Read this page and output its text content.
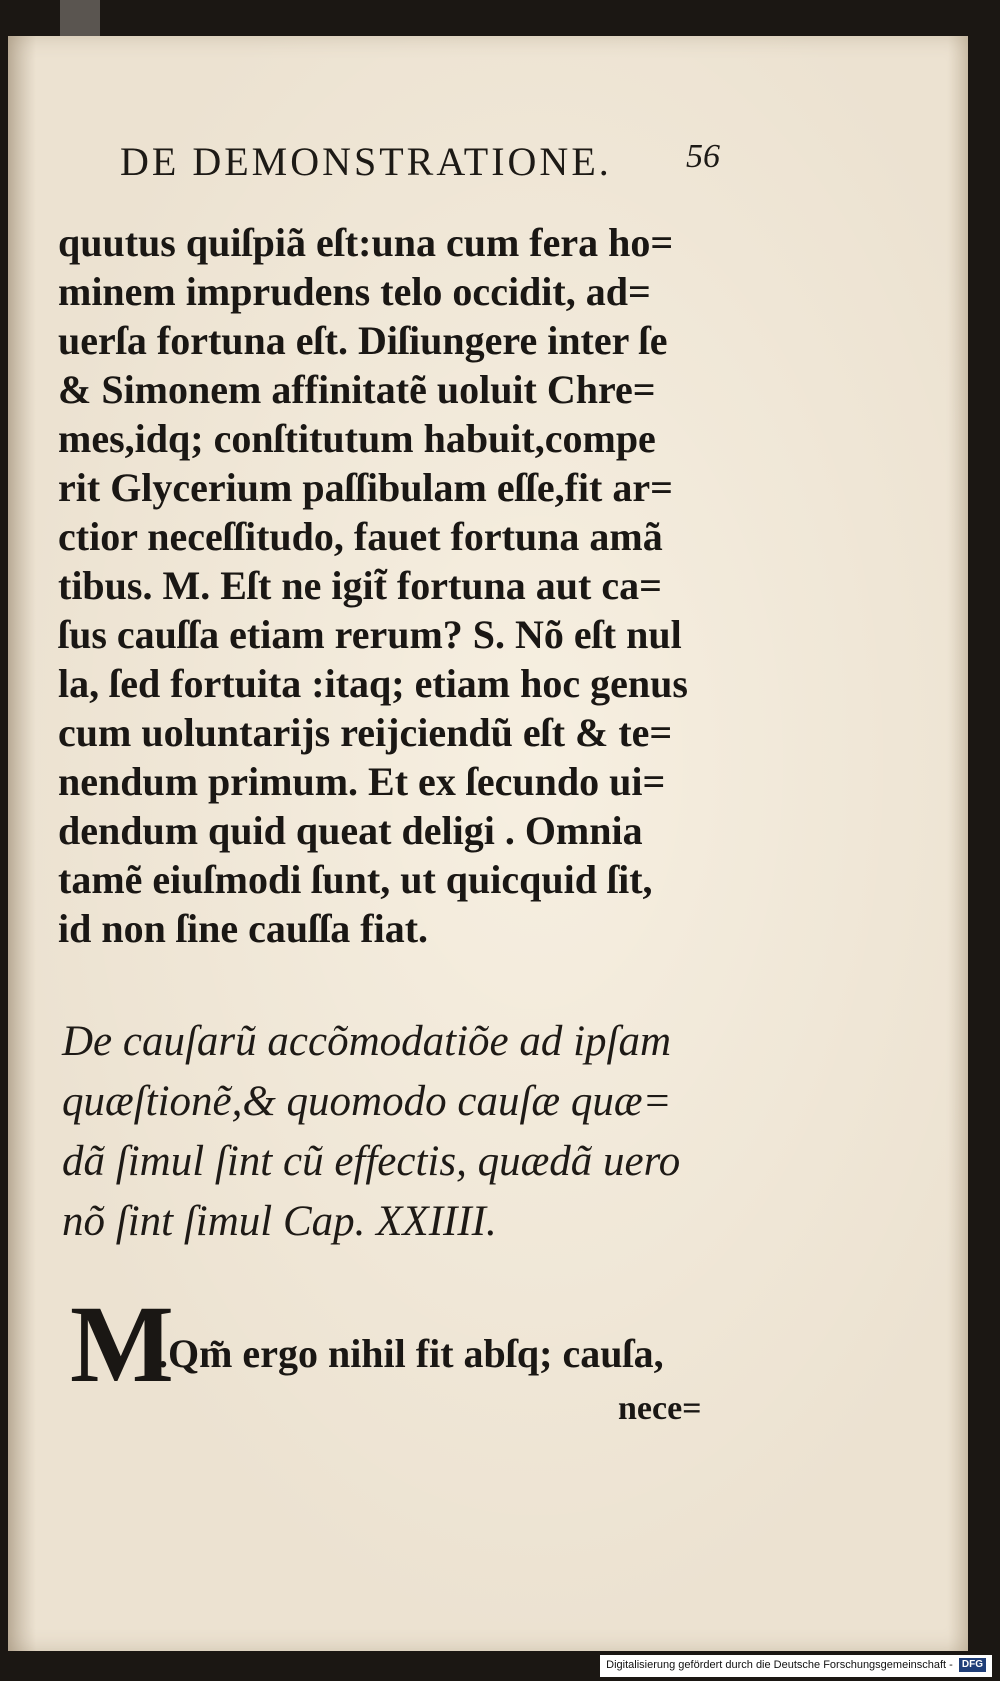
DE DEMONSTRATIONE. 56
quutus quiſpiã eſt:una cum fera ho=
minem imprudens telo occidit, ad=
uerſa fortuna eſt. Diſiungere inter ſe
& Simonem affinitatẽ uoluit Chre=
mes,idq; conſtitutum habuit,compe
rit Glycerium paſſibulam eſſe,fit ar=
ctior neceſſitudo, fauet fortuna amã
tibus. M. Eſt ne igit̃ fortuna aut ca=
ſus cauſſa etiam rerum? S. Nõ eſt nul
la, ſed fortuita :itaq; etiam hoc genus
cum uoluntariјs reijciendũ eſt & te=
nendum primum. Et ex ſecundo ui=
dendum quid queat deligi . Omnia
tamẽ eiuſmodi ſunt, ut quicquid ſit,
id non ſine cauſſa fiat.
De cauſarũ accõmodatiõe ad ipſam
quæſtionẽ,& quomodo cauſæ quæ=
dã ſimul ſint cũ effectis, quædã uero
nõ ſint ſimul Cap. XXIIII.
M
.Qm̃ ergo nihil fit abſq; cauſa,
nece=
Digitalisierung gefördert durch die Deutsche Forschungsgemeinschaft - DFG
